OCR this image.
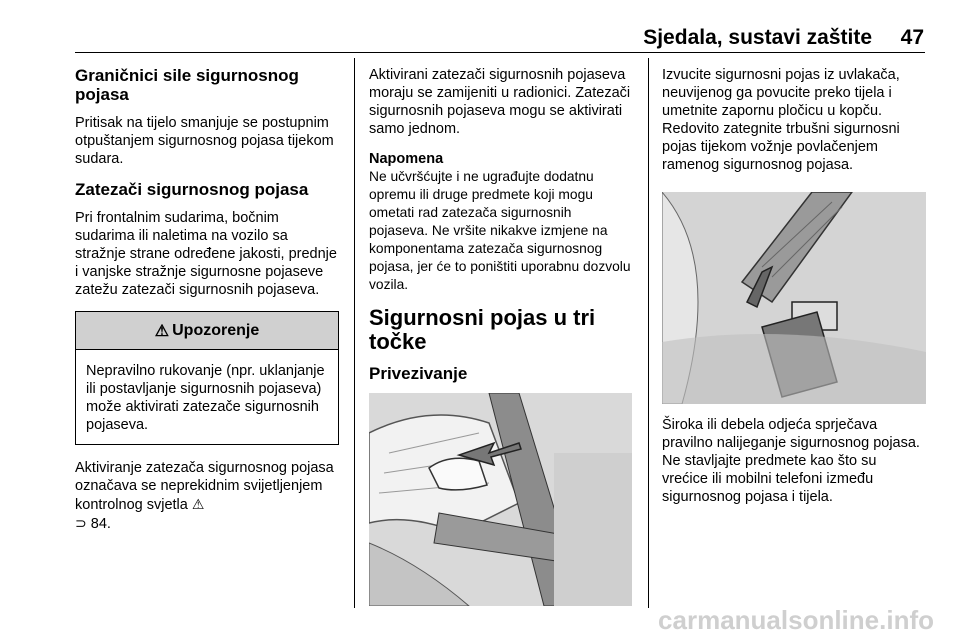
Sjedala, sustavi zaštite 47
Graničnici sile sigurnosnog pojasa

Pritisak na tijelo smanjuje se postupnim otpuštanjem sigurnosnog pojasa tijekom sudara.

Zatezači sigurnosnog pojasa

Pri frontalnim sudarima, bočnim sudarima ili naletima na vozilo sa stražnje strane određene jakosti, prednje i vanjske stražnje sigurnosne pojaseve zatežu zatezači sigurnosnih pojaseva.

⚠ Upozorenje
Nepravilno rukovanje (npr. uklanjanje ili postavljanje sigurnosnih pojaseva) može aktivirati zatezače sigurnosnih pojaseva.

Aktiviranje zatezača sigurnosnog pojasa označava se neprekidnim svijetljenjem kontrolnog svjetla ⚠
⊃ 84.

Aktivirani zatezači sigurnosnih pojaseva moraju se zamijeniti u radionici. Zatezači sigurnosnih pojaseva mogu se aktivirati samo jednom.

Napomena

Ne učvršćujte i ne ugrađujte dodatnu opremu ili druge predmete koji mogu ometati rad zatezača sigurnosnih pojaseva. Ne vršite nikakve izmjene na komponentama zatezača sigurnosnog pojasa, jer će to poništiti uporabnu dozvolu vozila.

Sigurnosni pojas u tri točke
Privezivanje

Izvucite sigurnosni pojas iz uvlakača, neuvijenog ga povucite preko tijela i umetnite zapornu pločicu u kopču. Redovito zategnite trbušni sigurnosni pojas tijekom vožnje povlačenjem ramenog sigurnosnog pojasa.

Široka ili debela odjeća sprječava pravilno nalijeganje sigurnosnog pojasa. Ne stavljajte predmete kao što su vrećice ili mobilni telefoni između sigurnosnog pojasa i tijela.

carmanualsonline.info
